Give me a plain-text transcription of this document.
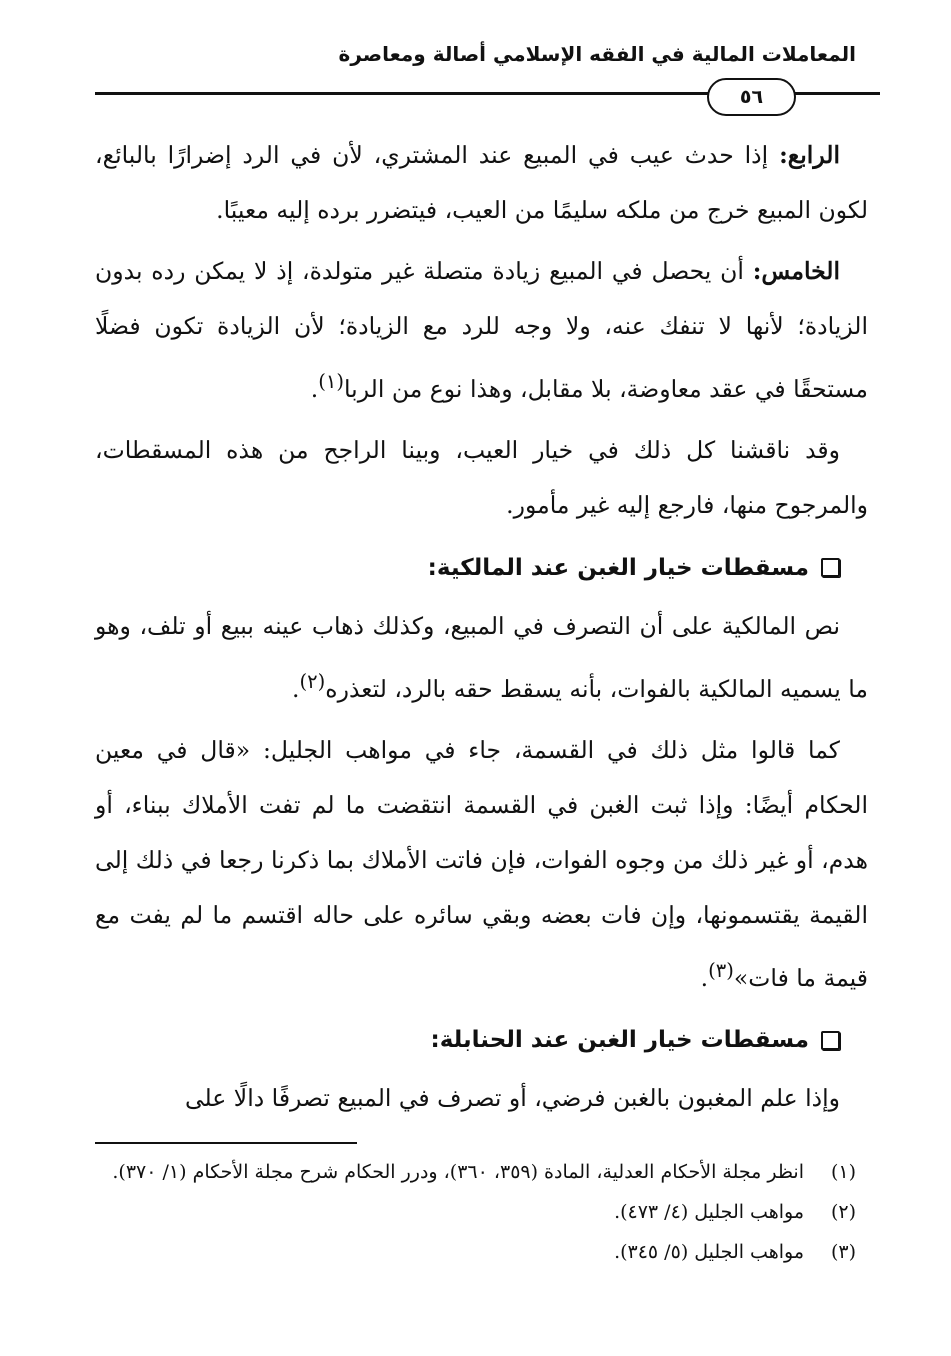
المعاملات المالية في الفقه الإسلامي أصالة ومعاصرة
٥٦

الرابع: إذا حدث عيب في المبيع عند المشتري، لأن في الرد إضرارًا بالبائع، لكون المبيع خرج من ملكه سليمًا من العيب، فيتضرر برده إليه معيبًا.

الخامس: أن يحصل في المبيع زيادة متصلة غير متولدة، إذ لا يمكن رده بدون الزيادة؛ لأنها لا تنفك عنه، ولا وجه للرد مع الزيادة؛ لأن الزيادة تكون فضلًا مستحقًا في عقد معاوضة، بلا مقابل، وهذا نوع من الربا$^{(١)}$.

وقد ناقشنا كل ذلك في خيار العيب، وبينا الراجح من هذه المسقطات، والمرجوح منها، فارجع إليه غير مأمور.

مسقطات خيار الغبن عند المالكية:

نص المالكية على أن التصرف في المبيع، وكذلك ذهاب عينه ببيع أو تلف، وهو ما يسميه المالكية بالفوات، بأنه يسقط حقه بالرد، لتعذره$^{(٢)}$.

كما قالوا مثل ذلك في القسمة، جاء في مواهب الجليل: «قال في معين الحكام أيضًا: وإذا ثبت الغبن في القسمة انتقضت ما لم تفت الأملاك ببناء، أو هدم، أو غير ذلك من وجوه الفوات، فإن فاتت الأملاك بما ذكرنا رجعا في ذلك إلى القيمة يقتسمونها، وإن فات بعضه وبقي سائره على حاله اقتسم ما لم يفت مع قيمة ما فات»$^{(٣)}$.

مسقطات خيار الغبن عند الحنابلة:

وإذا علم المغبون بالغبن فرضي، أو تصرف في المبيع تصرفًا دالًا على

(١)
انظر مجلة الأحكام العدلية، المادة (٣٥٩، ٣٦٠)، ودرر الحكام شرح مجلة الأحكام (١/ ٣٧٠).
(٢)
مواهب الجليل (٤/ ٤٧٣).
(٣)
مواهب الجليل (٥/ ٣٤٥).
